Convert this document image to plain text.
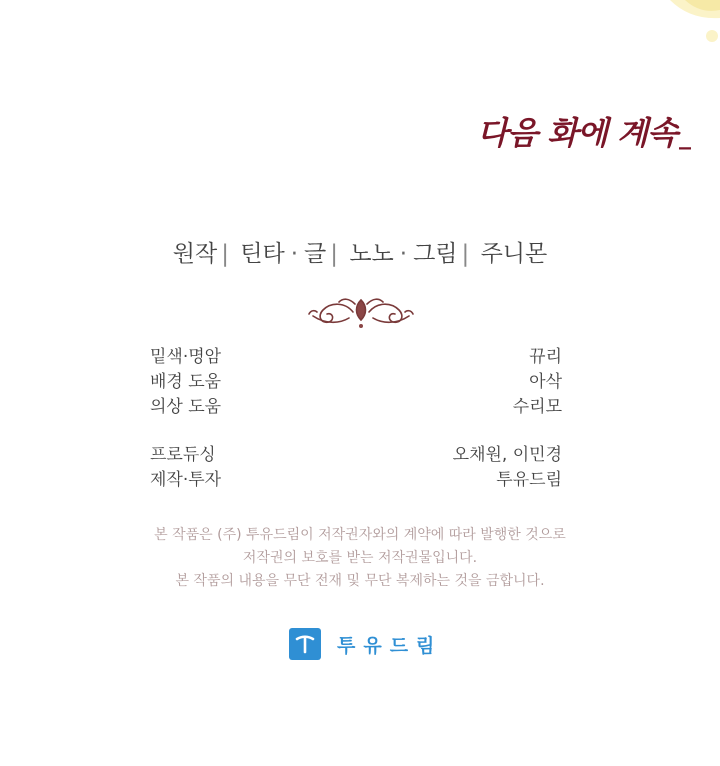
다음 화에 계속_
원작 | 틴타 · 글 | 노노 · 그림 | 주니몬
밑색·명암	뀨리
배경 도움	아삭
의상 도움	수리모
프로듀싱	오채원, 이민경
제작·투자	투유드림
본 작품은 (주) 투유드림이 저작권자와의 계약에 따라 발행한 것으로
저작권의 보호를 받는 저작권물입니다.
본 작품의 내용을 무단 전재 및 무단 복제하는 것을 금합니다.
투유드림
